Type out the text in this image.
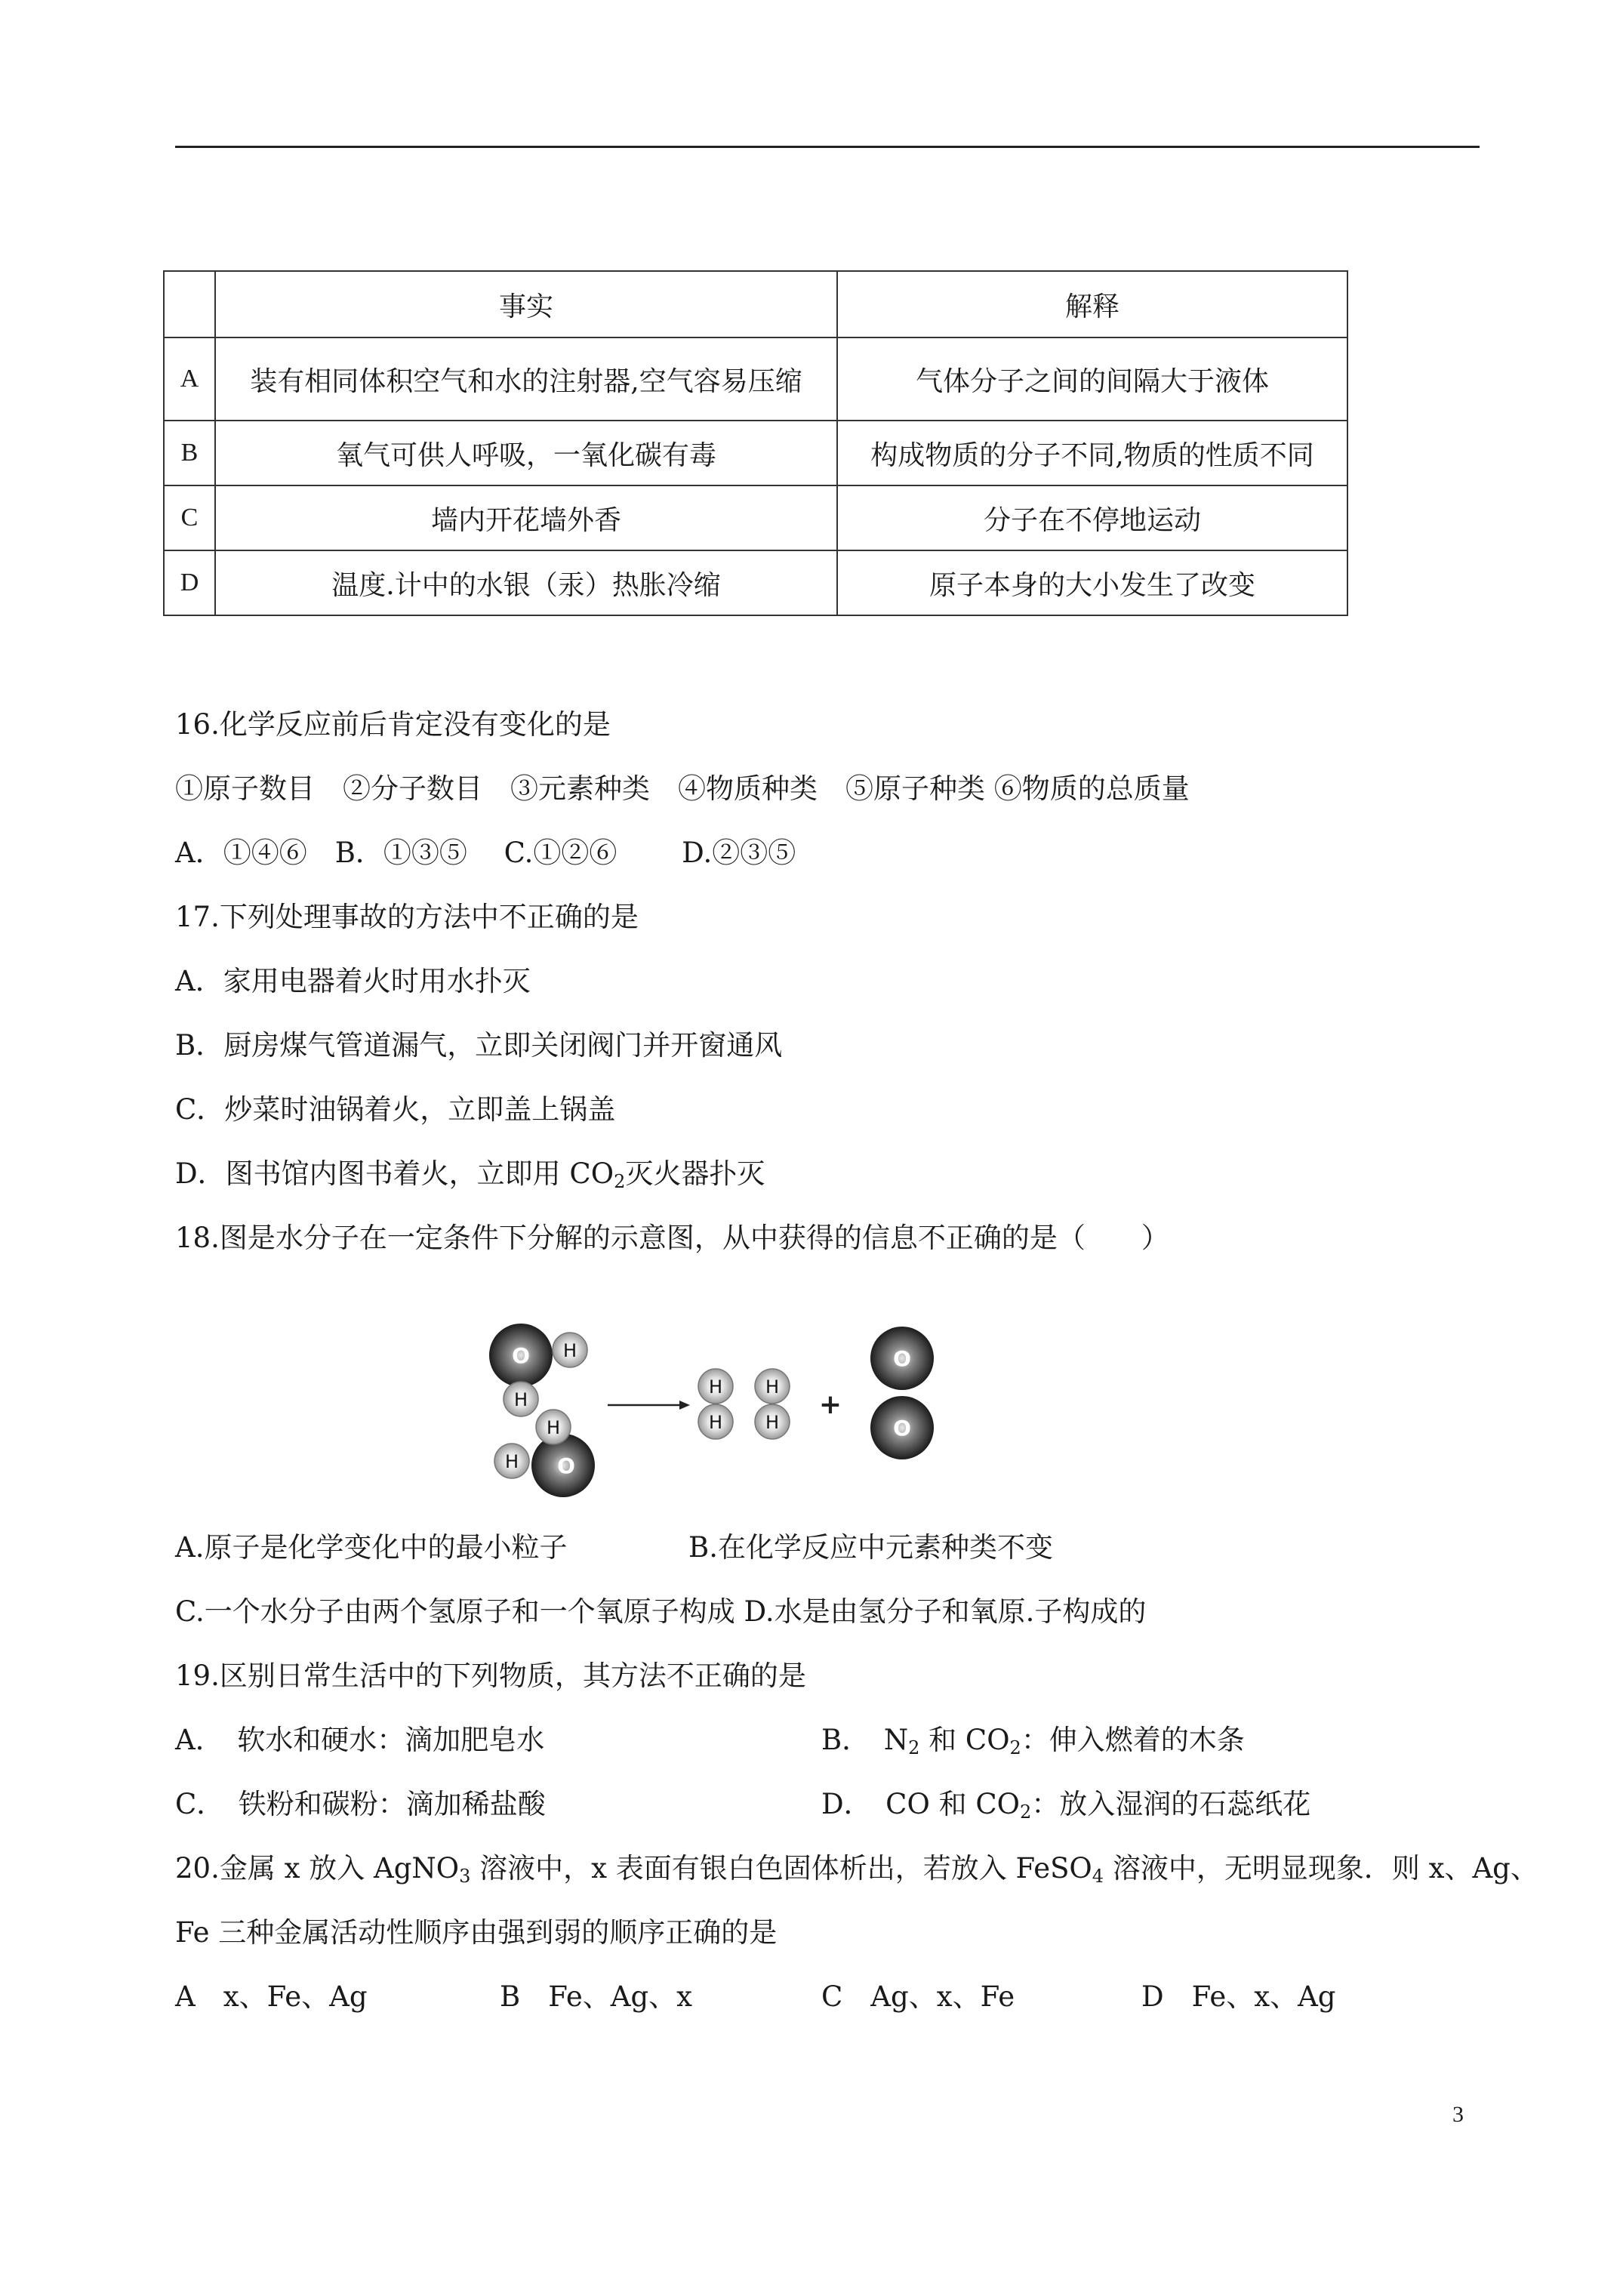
	事实	解释
A	装有相同体积空气和水的注射器,空气容易压缩	气体分子之间的间隔大于液体
B	氧气可供人呼吸，一氧化碳有毒	构成物质的分子不同,物质的性质不同
C	墙内开花墙外香	分子在不停地运动
D	温度.计中的水银（汞）热胀冷缩	原子本身的大小发生了改变
16.化学反应前后肯定没有变化的是
①原子数目　②分子数目　③元素种类　④物质种类　⑤原子种类 ⑥物质的总质量
A．①④⑥　B．①③⑤　 C.①②⑥　　 D.②③⑤
17.下列处理事故的方法中不正确的是
A．家用电器着火时用水扑灭
B．厨房煤气管道漏气，立即关闭阀门并开窗通风
C．炒菜时油锅着火，立即盖上锅盖
D．图书馆内图书着火，立即用 $CO_2$灭火器扑灭
18.图是水分子在一定条件下分解的示意图，从中获得的信息不正确的是（　　）
O H
H
O
H
H
H
H
H
H
+
O
O
A.原子是化学变化中的最小粒子	B.在化学反应中元素种类不变
C.一个水分子由两个氢原子和一个氧原子构成 D.水是由氢分子和氧原.子构成的
19.区别日常生活中的下列物质，其方法不正确的是
A．　软水和硬水：滴加肥皂水	B．　$N_2$ 和 $CO_2$：伸入燃着的木条
C．　铁粉和碳粉：滴加稀盐酸	D．　CO 和 $CO_2$：放入湿润的石蕊纸花
20.金属 x 放入 AgNO$_3$ 溶液中，x 表面有银白色固体析出，若放入 FeSO$_4$ 溶液中，无明显现象．则 x、Ag、
Fe 三种金属活动性顺序由强到弱的顺序正确的是
A　x、Fe、Ag	B　Fe、Ag、x	C　Ag、x、Fe	D　Fe、x、Ag
3
